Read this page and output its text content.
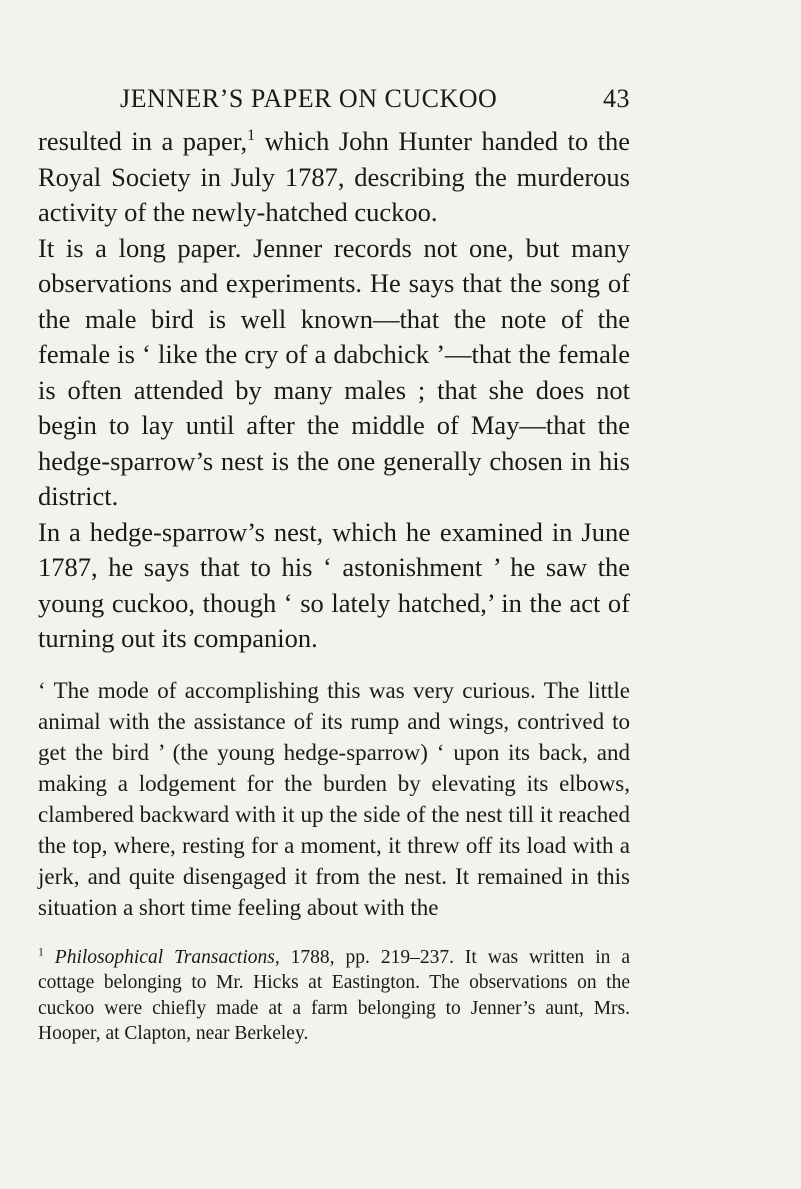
JENNER’S PAPER ON CUCKOO	43

resulted in a paper,$^1$ which John Hunter handed to the Royal Society in July 1787, describing the murderous activity of the newly-hatched cuckoo.

It is a long paper. Jenner records not one, but many observations and experiments. He says that the song of the male bird is well known—that the note of the female is ‘ like the cry of a dabchick ’—that the female is often attended by many males ; that she does not begin to lay until after the middle of May—that the hedge-sparrow’s nest is the one generally chosen in his district.

In a hedge-sparrow’s nest, which he examined in June 1787, he says that to his ‘ astonishment ’ he saw the young cuckoo, though ‘ so lately hatched,’ in the act of turning out its companion.

‘ The mode of accomplishing this was very curious. The little animal with the assistance of its rump and wings, contrived to get the bird ’ (the young hedge-sparrow) ‘ upon its back, and making a lodgement for the burden by elevating its elbows, clambered backward with it up the side of the nest till it reached the top, where, resting for a moment, it threw off its load with a jerk, and quite disengaged it from the nest. It remained in this situation a short time feeling about with the

$^1$ Philosophical Transactions, 1788, pp. 219–237. It was written in a cottage belonging to Mr. Hicks at Eastington. The observations on the cuckoo were chiefly made at a farm belonging to Jenner’s aunt, Mrs. Hooper, at Clapton, near Berkeley.
